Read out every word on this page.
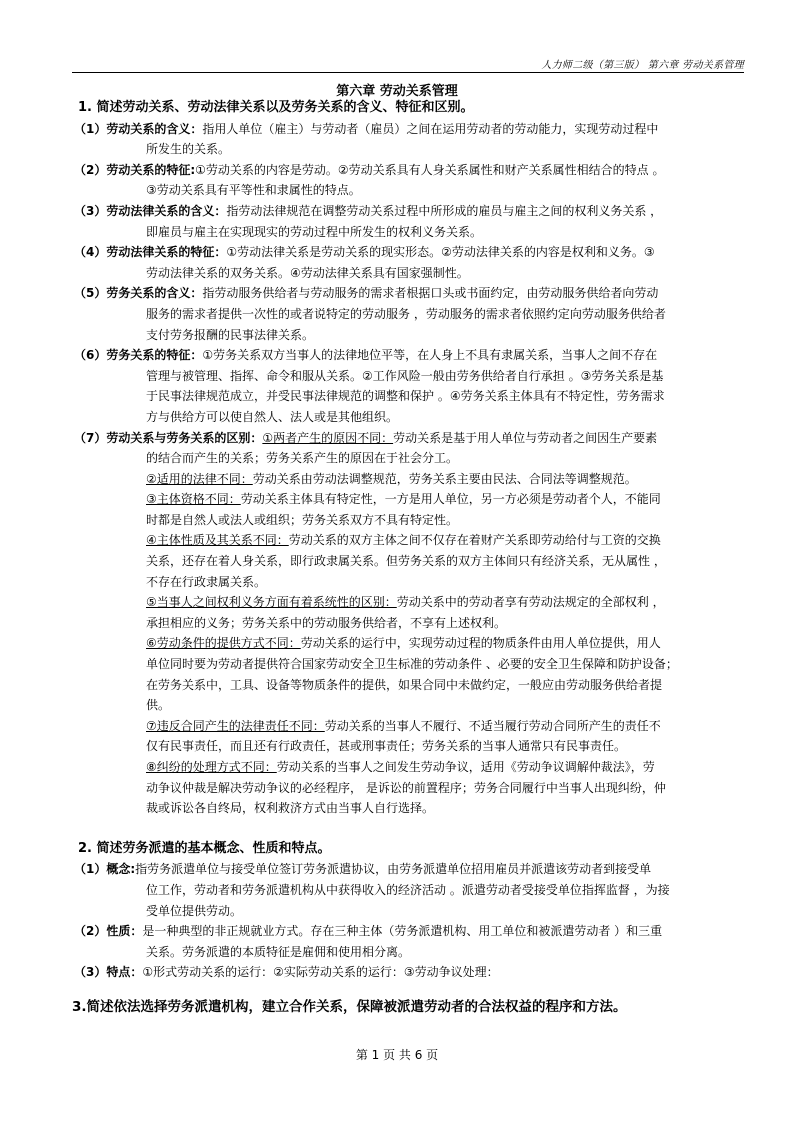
人力师二级（第三版） 第六章 劳动关系管理
第六章 劳动关系管理
1. 简述劳动关系、劳动法律关系以及劳务关系的含义、特征和区别。
（1）劳动关系的含义：指用人单位（雇主）与劳动者（雇员）之间在运用劳动者的劳动能力，实现劳动过程中
所发生的关系。
（2）劳动关系的特征:①劳动关系的内容是劳动。②劳动关系具有人身关系属性和财产关系属性相结合的特点 。
③劳动关系具有平等性和隶属性的特点。
（3）劳动法律关系的含义：指劳动法律规范在调整劳动关系过程中所形成的雇员与雇主之间的权利义务关系 ，
即雇员与雇主在实现现实的劳动过程中所发生的权利义务关系。
（4）劳动法律关系的特征：①劳动法律关系是劳动关系的现实形态。②劳动法律关系的内容是权利和义务。③
劳动法律关系的双务关系。④劳动法律关系具有国家强制性。
（5）劳务关系的含义：指劳动服务供给者与劳动服务的需求者根据口头或书面约定，由劳动服务供给者向劳动
服务的需求者提供一次性的或者说特定的劳动服务 ，劳动服务的需求者依照约定向劳动服务供给者
支付劳务报酬的民事法律关系。
（6）劳务关系的特征：①劳务关系双方当事人的法律地位平等，在人身上不具有隶属关系，当事人之间不存在
管理与被管理、指挥、命令和服从关系。②工作风险一般由劳务供给者自行承担 。③劳务关系是基
于民事法律规范成立，并受民事法律规范的调整和保护 。④劳务关系主体具有不特定性，劳务需求
方与供给方可以使自然人、法人或是其他组织。
（7）劳动关系与劳务关系的区别：①两者产生的原因不同：劳动关系是基于用人单位与劳动者之间因生产要素
的结合而产生的关系；劳务关系产生的原因在于社会分工。
②适用的法律不同：劳动关系由劳动法调整规范，劳务关系主要由民法、合同法等调整规范。
③主体资格不同：劳动关系主体具有特定性，一方是用人单位，另一方必须是劳动者个人，不能同
时都是自然人或法人或组织；劳务关系双方不具有特定性。
④主体性质及其关系不同：劳动关系的双方主体之间不仅存在着财产关系即劳动给付与工资的交换
关系，还存在着人身关系，即行政隶属关系。但劳务关系的双方主体间只有经济关系，无从属性 ，
不存在行政隶属关系。
⑤当事人之间权利义务方面有着系统性的区别：劳动关系中的劳动者享有劳动法规定的全部权利 ，
承担相应的义务；劳务关系中的劳动服务供给者，不享有上述权利。
⑥劳动条件的提供方式不同：劳动关系的运行中，实现劳动过程的物质条件由用人单位提供，用人
单位同时要为劳动者提供符合国家劳动安全卫生标准的劳动条件 、必要的安全卫生保障和防护设备；
在劳务关系中，工具、设备等物质条件的提供，如果合同中未做约定，一般应由劳动服务供给者提
供。
⑦违反合同产生的法律责任不同：劳动关系的当事人不履行、不适当履行劳动合同所产生的责任不
仅有民事责任，而且还有行政责任，甚或刑事责任；劳务关系的当事人通常只有民事责任。
⑧纠纷的处理方式不同：劳动关系的当事人之间发生劳动争议，适用《劳动争议调解仲裁法》，劳
动争议仲裁是解决劳动争议的必经程序， 是诉讼的前置程序；劳务合同履行中当事人出现纠纷，仲
裁或诉讼各自终局，权利救济方式由当事人自行选择。
2. 简述劳务派遣的基本概念、性质和特点。
（1）概念:指劳务派遣单位与接受单位签订劳务派遣协议，由劳务派遣单位招用雇员并派遣该劳动者到接受单
位工作，劳动者和劳务派遣机构从中获得收入的经济活动 。派遣劳动者受接受单位指挥监督 ，为接
受单位提供劳动。
（2）性质：是一种典型的非正规就业方式。存在三种主体（劳务派遣机构、用工单位和被派遣劳动者 ）和三重
关系。劳务派遣的本质特征是雇佣和使用相分离。
（3）特点：①形式劳动关系的运行：②实际劳动关系的运行：③劳动争议处理：
3.简述依法选择劳务派遣机构，建立合作关系，保障被派遣劳动者的合法权益的程序和方法。
第 1 页 共 6 页
